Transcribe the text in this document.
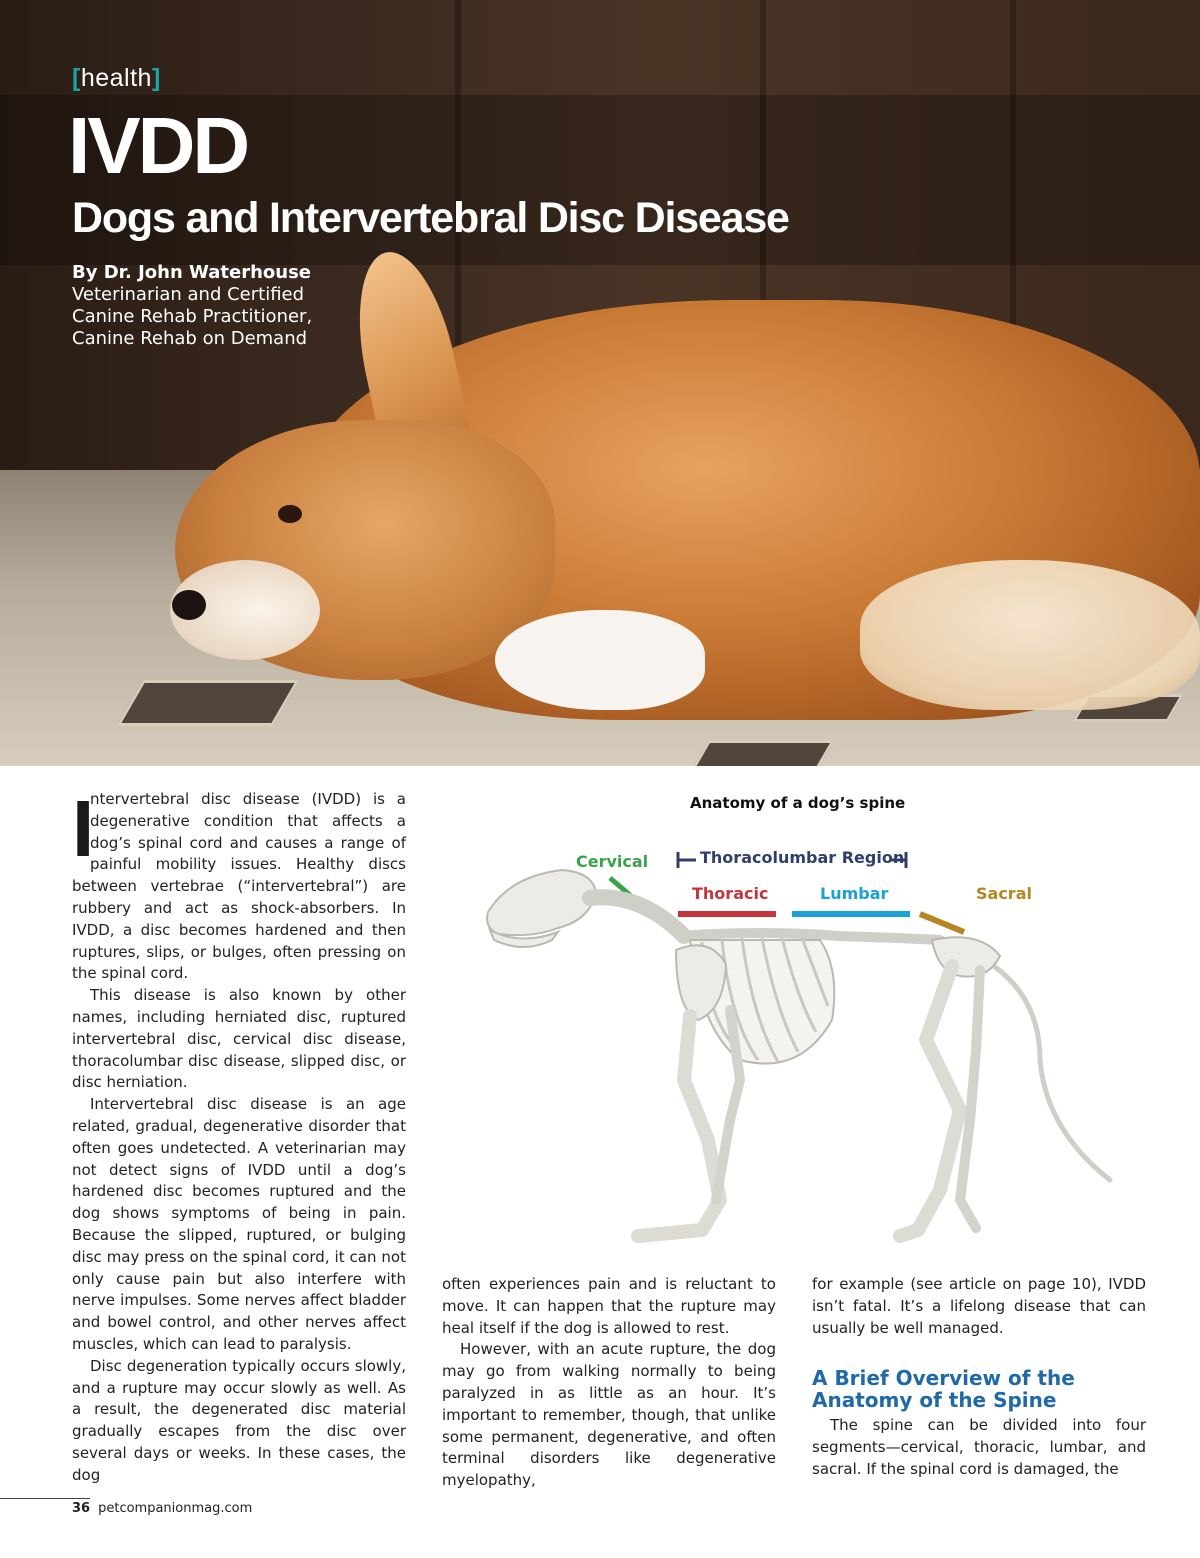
[health]
IVDD
Dogs and Intervertebral Disc Disease
By Dr. John Waterhouse
Veterinarian and Certified
Canine Rehab Practitioner,
Canine Rehab on Demand

I
ntervertebral disc disease (IVDD) is a degenerative condition that affects a dog’s spinal cord and causes a range of painful mobility issues. Healthy discs between vertebrae (“intervertebral”) are rubbery and act as shock-absorbers. In IVDD, a disc becomes hardened and then ruptures, slips, or bulges, often pressing on the spinal cord.

This disease is also known by other names, including herniated disc, ruptured intervertebral disc, cervical disc disease, thoracolumbar disc disease, slipped disc, or disc herniation.

Intervertebral disc disease is an age related, gradual, degenerative disorder that often goes undetected. A veterinarian may not detect signs of IVDD until a dog’s hardened disc becomes ruptured and the dog shows symptoms of being in pain. Because the slipped, ruptured, or bulging disc may press on the spinal cord, it can not only cause pain but also interfere with nerve impulses. Some nerves affect bladder and bowel control, and other nerves affect muscles, which can lead to paralysis.

Disc degeneration typically occurs slowly, and a rupture may occur slowly as well. As a result, the degenerated disc material gradually escapes from the disc over several days or weeks. In these cases, the dog

Anatomy of a dog’s spine
Cervical	Thoracolumbar Region
Thoracic	Lumbar	Sacral

often experiences pain and is reluctant to move. It can happen that the rupture may heal itself if the dog is allowed to rest.

However, with an acute rupture, the dog may go from walking normally to being paralyzed in as little as an hour. It’s important to remember, though, that unlike some permanent, degenerative, and often terminal disorders like degenerative myelopathy,

for example (see article on page 10), IVDD isn’t fatal. It’s a lifelong disease that can usually be well managed.

A Brief Overview of the Anatomy of the Spine

The spine can be divided into four segments—cervical, thoracic, lumbar, and sacral. If the spinal cord is damaged, the

36 petcompanionmag.com
